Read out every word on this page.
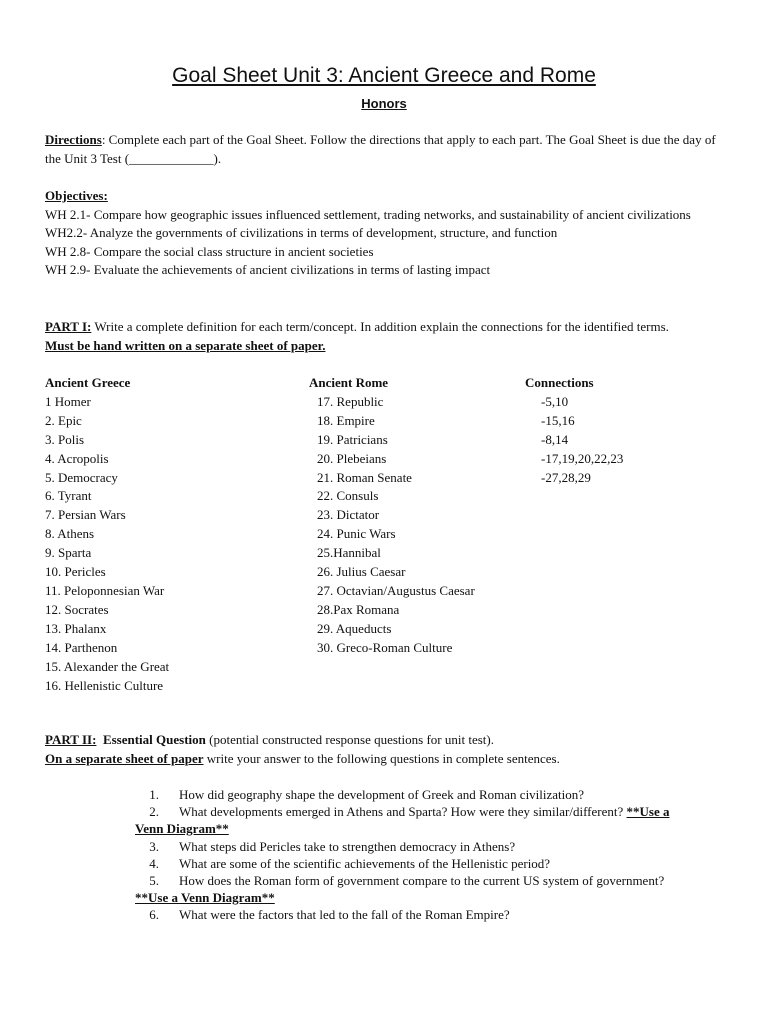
Goal Sheet Unit 3: Ancient Greece and Rome
Honors
Directions: Complete each part of the Goal Sheet. Follow the directions that apply to each part. The Goal Sheet is due the day of the Unit 3 Test (_____________).
Objectives:
WH 2.1- Compare how geographic issues influenced settlement, trading networks, and sustainability of ancient civilizations
WH2.2- Analyze the governments of civilizations in terms of development, structure, and function
WH 2.8- Compare the social class structure in ancient societies
WH 2.9- Evaluate the achievements of ancient civilizations in terms of lasting impact
PART I: Write a complete definition for each term/concept. In addition explain the connections for the identified terms.
Must be hand written on a separate sheet of paper.
Ancient Greece
1 Homer
2. Epic
3. Polis
4. Acropolis
5. Democracy
6. Tyrant
7. Persian Wars
8. Athens
9. Sparta
10. Pericles
11. Peloponnesian War
12. Socrates
13. Phalanx
14. Parthenon
15. Alexander the Great
16. Hellenistic Culture
Ancient Rome
17. Republic
18. Empire
19. Patricians
20. Plebeians
21. Roman Senate
22. Consuls
23. Dictator
24. Punic Wars
25.Hannibal
26. Julius Caesar
27. Octavian/Augustus Caesar
28.Pax Romana
29. Aqueducts
30. Greco-Roman Culture
Connections
-5,10
-15,16
-8,14
-17,19,20,22,23
-27,28,29
PART II: Essential Question (potential constructed response questions for unit test).
On a separate sheet of paper write your answer to the following questions in complete sentences.
1. How did geography shape the development of Greek and Roman civilization?
2. What developments emerged in Athens and Sparta? How were they similar/different? **Use a
Venn Diagram**
3. What steps did Pericles take to strengthen democracy in Athens?
4. What are some of the scientific achievements of the Hellenistic period?
5. How does the Roman form of government compare to the current US system of government?
**Use a Venn Diagram**
6. What were the factors that led to the fall of the Roman Empire?
